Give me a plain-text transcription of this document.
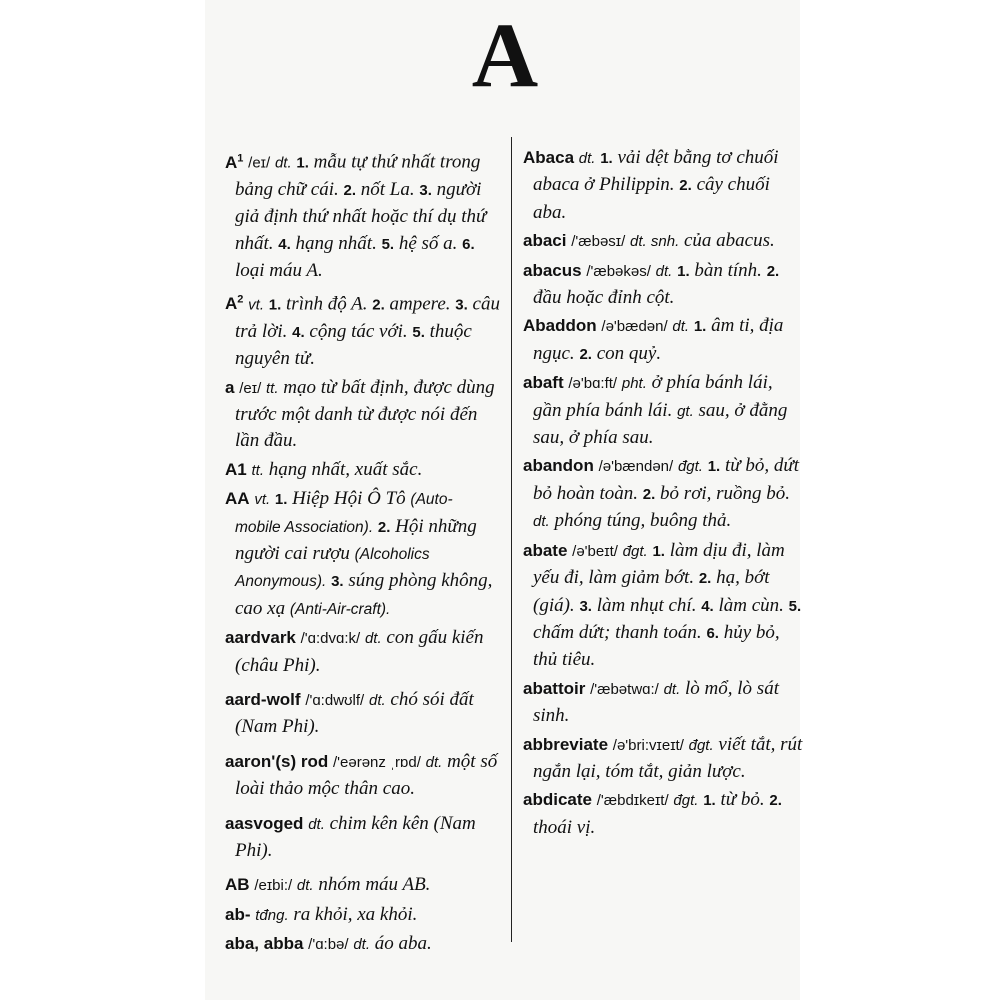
A

$A^1$ /eɪ/ dt. 1. mẫu tự thứ nhất trong bảng chữ cái. 2. nốt La. 3. người giả định thứ nhất hoặc thí dụ thứ nhất. 4. hạng nhất. 5. hệ số a. 6. loại máu A.

$A^2$ vt. 1. trình độ A. 2. ampere. 3. câu trả lời. 4. cộng tác với. 5. thuộc nguyên tử.

a /eɪ/ tt. mạo từ bất định, được dùng trước một danh từ được nói đến lần đầu.

A1 tt. hạng nhất, xuất sắc.

AA vt. 1. Hiệp Hội Ô Tô (Auto- mobile Association). 2. Hội những người cai rượu (Alcoholics Anonymous). 3. súng phòng không, cao xạ (Anti-Air-craft).

aardvark /'ɑ:dvɑ:k/ dt. con gấu kiến (châu Phi).

aard-wolf /'ɑ:dwʊlf/ dt. chó sói đất (Nam Phi).

aaron'(s) rod /'eərənz ˌrɒd/ dt. một số loài thảo mộc thân cao.

aasvoged dt. chim kên kên (Nam Phi).

AB /eɪbi:/ dt. nhóm máu AB.

ab- tđng. ra khỏi, xa khỏi.

aba, abba /'ɑ:bə/ dt. áo aba.

Abaca dt. 1. vải dệt bằng tơ chuối abaca ở Philippin. 2. cây chuối aba.

abaci /'æbəsɪ/ dt. snh. của abacus.

abacus /'æbəkəs/ dt. 1. bàn tính. 2. đầu hoặc đỉnh cột.

Abaddon /ə'bædən/ dt. 1. âm ti, địa ngục. 2. con quỷ.

abaft /ə'bɑ:ft/ pht. ở phía bánh lái, gần phía bánh lái. gt. sau, ở đằng sau, ở phía sau.

abandon /ə'bændən/ đgt. 1. từ bỏ, dứt bỏ hoàn toàn. 2. bỏ rơi, ruồng bỏ. dt. phóng túng, buông thả.

abate /ə'beɪt/ đgt. 1. làm dịu đi, làm yếu đi, làm giảm bớt. 2. hạ, bớt (giá). 3. làm nhụt chí. 4. làm cùn. 5. chấm dứt; thanh toán. 6. hủy bỏ, thủ tiêu.

abattoir /'æbətwɑ:/ dt. lò mổ, lò sát sinh.

abbreviate /ə'bri:vɪeɪt/ đgt. viết tắt, rút ngắn lại, tóm tắt, giản lược.

abdicate /'æbdɪkeɪt/ đgt. 1. từ bỏ. 2. thoái vị.
